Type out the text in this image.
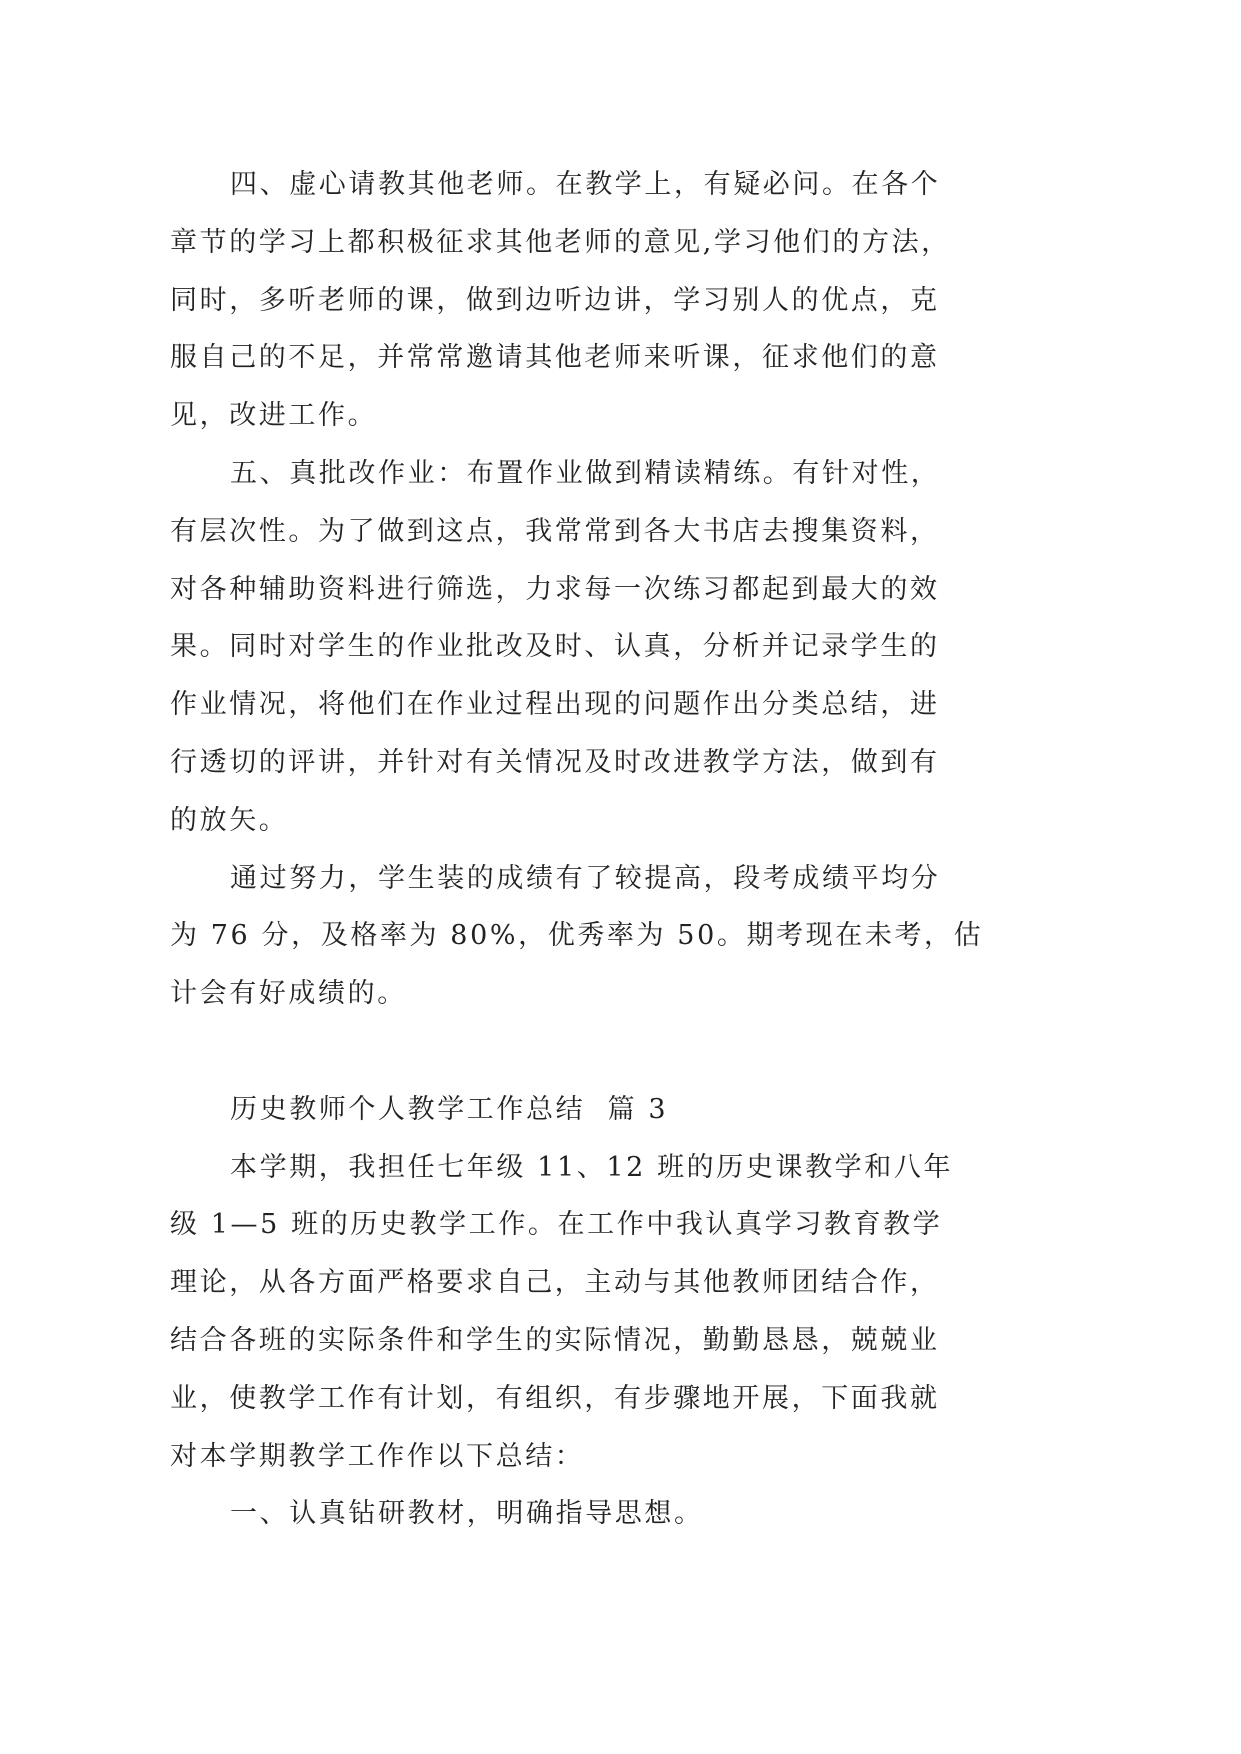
四、虚心请教其他老师。在教学上，有疑必问。在各个
章节的学习上都积极征求其他老师的意见,学习他们的方法，
同时，多听老师的课，做到边听边讲，学习别人的优点，克
服自己的不足，并常常邀请其他老师来听课，征求他们的意
见，改进工作。
五、真批改作业：布置作业做到精读精练。有针对性，
有层次性。为了做到这点，我常常到各大书店去搜集资料，
对各种辅助资料进行筛选，力求每一次练习都起到最大的效
果。同时对学生的作业批改及时、认真，分析并记录学生的
作业情况，将他们在作业过程出现的问题作出分类总结，进
行透切的评讲，并针对有关情况及时改进教学方法，做到有
的放矢。
通过努力，学生装的成绩有了较提高，段考成绩平均分
为 76 分，及格率为 80%，优秀率为 50。期考现在未考，估
计会有好成绩的。
历史教师个人教学工作总结  篇 3
本学期，我担任七年级 11、12 班的历史课教学和八年
级 1—5 班的历史教学工作。在工作中我认真学习教育教学
理论，从各方面严格要求自己，主动与其他教师团结合作，
结合各班的实际条件和学生的实际情况，勤勤恳恳，兢兢业
业，使教学工作有计划，有组织，有步骤地开展，下面我就
对本学期教学工作作以下总结：
一、认真钻研教材，明确指导思想。
